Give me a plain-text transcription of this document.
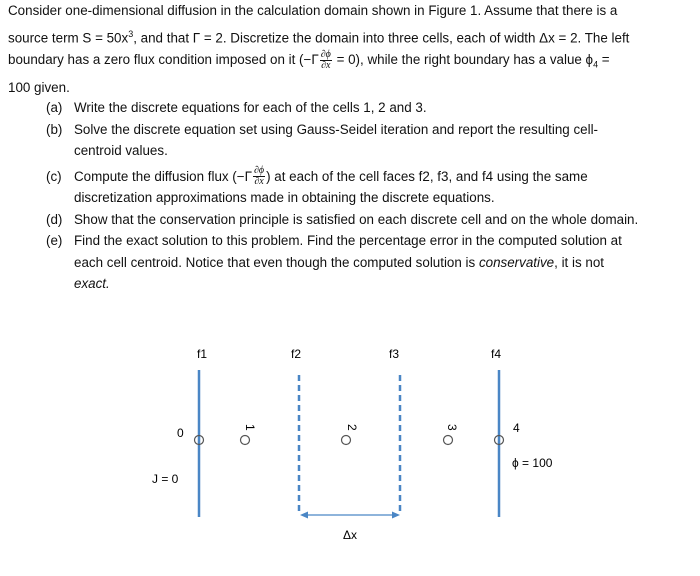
Consider one-dimensional diffusion in the calculation domain shown in Figure 1. Assume that there is a

source term $S = 50x^3$, and that Γ = 2. Discretize the domain into three cells, each of width Δx = 2. The left

boundary has a zero flux condition imposed on it $(-\Gamma \frac{\partial\phi}{\partial x} = 0)$, while the right boundary has a value $\phi_4$ =

100 given.

(a) Write the discrete equations for each of the cells 1, 2 and 3.
(b) Solve the discrete equation set using Gauss-Seidel iteration and report the resulting cell-
centroid values.
(c) Compute the diffusion flux ($-\Gamma \frac{\partial\phi}{\partial x}$ ) at each of the cell faces f2, f3, and f4 using the same
discretization approximations made in obtaining the discrete equations.
(d) Show that the conservation principle is satisfied on each discrete cell and on the whole domain.
(e) Find the exact solution to this problem. Find the percentage error in the computed solution at
each cell centroid. Notice that even though the computed solution is conservative, it is not
exact.
f1	f2	f3	f4
Δx
0
J = 0
1	2	3	4
ϕ = 100
